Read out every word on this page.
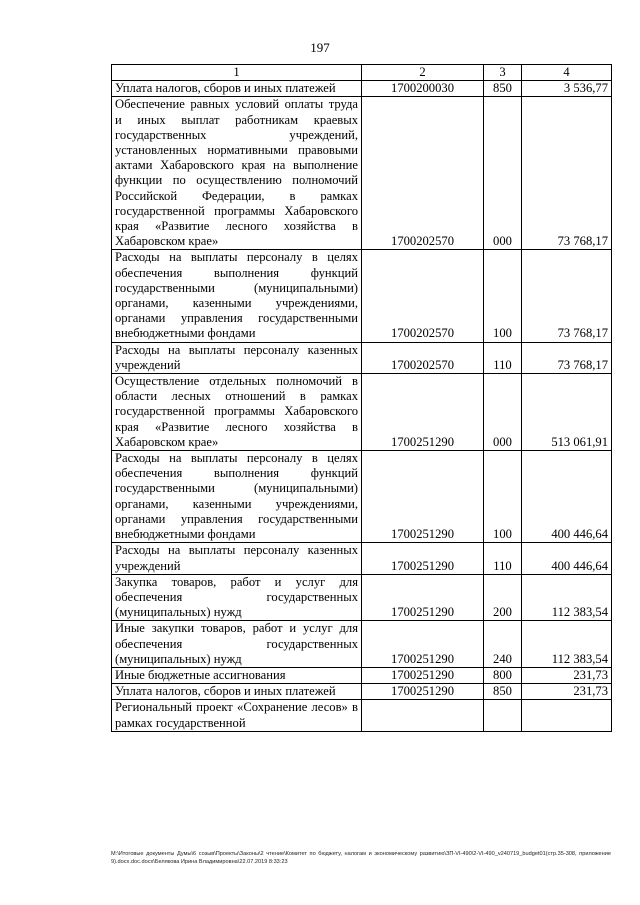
197
1	2	3	4
Уплата налогов, сборов и иных платежей	1700200030	850	3 536,77
Обеспечение равных условий оплаты труда и иных выплат работникам краевых государственных учреждений, установленных нормативными правовыми актами Хабаровского края на выполнение функции по осуществлению полномочий Российской Федерации, в рамках государственной программы Хабаровского края «Развитие лесного хозяйства в Хабаровском крае»	1700202570	000	73 768,17
Расходы на выплаты персоналу в целях обеспечения выполнения функций государственными (муниципальными) органами, казенными учреждениями, органами управления государственными внебюджетными фондами	1700202570	100	73 768,17
Расходы на выплаты персоналу казенных учреждений	1700202570	110	73 768,17
Осуществление отдельных полномочий в области лесных отношений в рамках государственной программы Хабаровского края «Развитие лесного хозяйства в Хабаровском крае»	1700251290	000	513 061,91
Расходы на выплаты персоналу в целях обеспечения выполнения функций государственными (муниципальными) органами, казенными учреждениями, органами управления государственными внебюджетными фондами	1700251290	100	400 446,64
Расходы на выплаты персоналу казенных учреждений	1700251290	110	400 446,64
Закупка товаров, работ и услуг для обеспечения государственных (муниципальных) нужд	1700251290	200	112 383,54
Иные закупки товаров, работ и услуг для обеспечения государственных (муниципальных) нужд	1700251290	240	112 383,54
Иные бюджетные ассигнования	1700251290	800	231,73
Уплата налогов, сборов и иных платежей	1700251290	850	231,73
Региональный проект «Сохранение лесов» в рамках государственной			
M:\Итоговые документы Думы\6 созыв\Проекты\Законы\2 чтение\Комитет по бюджету, налогам и экономическому развитию\ЗП-VI-490\2-VI-490_v240719_budget01(стр.35-308, приложение 9).docx.doc.docx\Белякова Ирина Владимировна\22.07.2019 8:33:23
